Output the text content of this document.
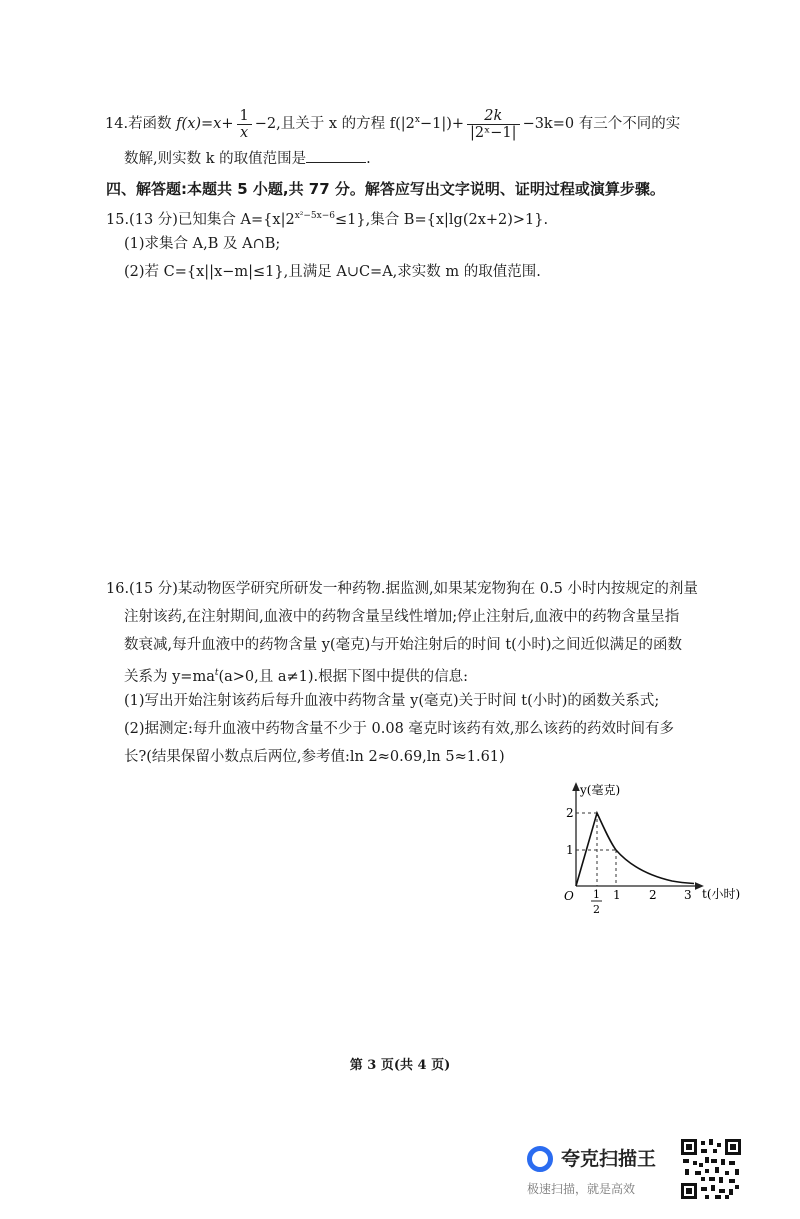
14.若函数 $f(x)=x+ \frac{1}{x} -2$,且关于 x 的方程 $f(|2^x-1|)+ \frac{2k}{\text{|2ˣ−1|}} -3k=0$ 有三个不同的实
数解,则实数 k 的取值范围是	.
四、解答题:本题共 5 小题,共 77 分。解答应写出文字说明、证明过程或演算步骤。
15.(13 分)已知集合 $A=\{x|2^{x^2-5x-6}\le 1\}$,集合 B={x|lg(2x+2)>1}.
(1)求集合 A,B 及 A∩B;
(2)若 C={x||x−m|≤1},且满足 A∪C=A,求实数 m 的取值范围.
16.(15 分)某动物医学研究所研发一种药物.据监测,如果某宠物狗在 0.5 小时内按规定的剂量
注射该药,在注射期间,血液中的药物含量呈线性增加;停止注射后,血液中的药物含量呈指
数衰减,每升血液中的药物含量 y(毫克)与开始注射后的时间 t(小时)之间近似满足的函数
关系为 $y=ma^t(a>0$,且 a≠1).根据下图中提供的信息:
(1)写出开始注射该药后每升血液中药物含量 y(毫克)关于时间 t(小时)的函数关系式;
(2)据测定:每升血液中药物含量不少于 0.08 毫克时该药有效,那么该药的药效时间有多
长?(结果保留小数点后两位,参考值:ln 2≈0.69,ln 5≈1.61)
y(毫克)
t(小时)
O
2
1
1
2
1 2 3
第 3 页(共 4 页)
夸克扫描王
极速扫描，就是高效
